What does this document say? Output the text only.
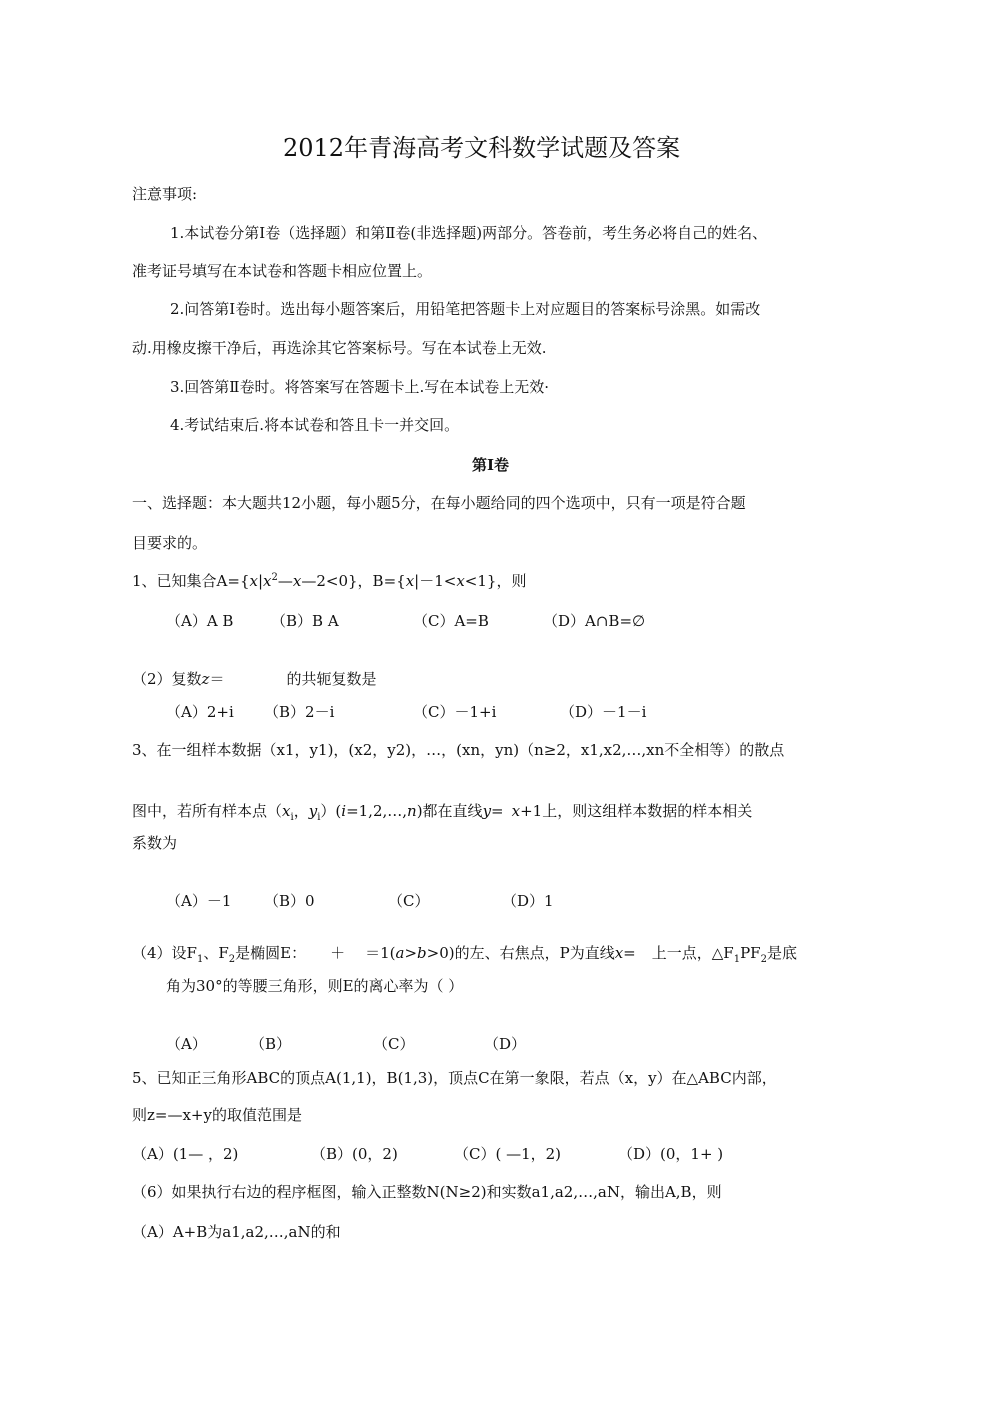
2012年青海高考文科数学试题及答案
注意事项:
1.本试卷分第Ⅰ卷（选择题）和第Ⅱ卷(非选择题)两部分。答卷前，考生务必将自己的姓名、
准考证号填写在本试卷和答题卡相应位置上。
2.问答第Ⅰ卷时。选出每小题答案后，用铅笔把答题卡上对应题目的答案标号涂黑。如需改
动.用橡皮擦干净后，再选涂其它答案标号。写在本试卷上无效.
3.回答第Ⅱ卷时。将答案写在答题卡上.写在本试卷上无效·
4.考试结束后.将本试卷和答且卡一并交回。
第Ⅰ卷
一、选择题：本大题共12小题，每小题5分，在每小题给同的四个选项中，只有一项是符合题
目要求的。
1、已知集合$A=\{x|x^2—x—2<0\}$，B={x|－1<x<1}，则
（A）A B	（B）B A	（C）A=B	（D）A∩B=∅
（2）复数z＝	的共轭复数是
（A）2+i （B）2－i	（C）－1+i	（D）－1－i
3、在一组样本数据（x1，y1)，(x2，y2)，…，(xn，yn)（n≥2，x1,x2,…,xn不全相等）的散点
图中，若所有样本点（$x_i$，$y_i)(i=1,2,\dots,n)$都在直线y= x+1上，则这组样本数据的样本相关
系数为
（A）－1 （B）0	（C）	（D）1
（4）设$F_1$、$F_2$是椭圆E： ＋ ＝1(a>b>0)的左、右焦点，P为直线x= 上一点，$\triangle F_1PF_2$是底
角为30°的等腰三角形，则E的离心率为（ ）
（A）	（B）	（C）	（D）
5、已知正三角形ABC的顶点A(1,1)，B(1,3)，顶点C在第一象限，若点（x，y）在△ABC内部，
则z=—x+y的取值范围是
（A）(1— ，2)	（B）(0，2)	（C）( —1，2)	（D）(0，1+ )
（6）如果执行右边的程序框图，输入正整数N(N≥2)和实数a1,a2,…,aN，输出A,B，则
（A）A+B为a1,a2,…,aN的和
